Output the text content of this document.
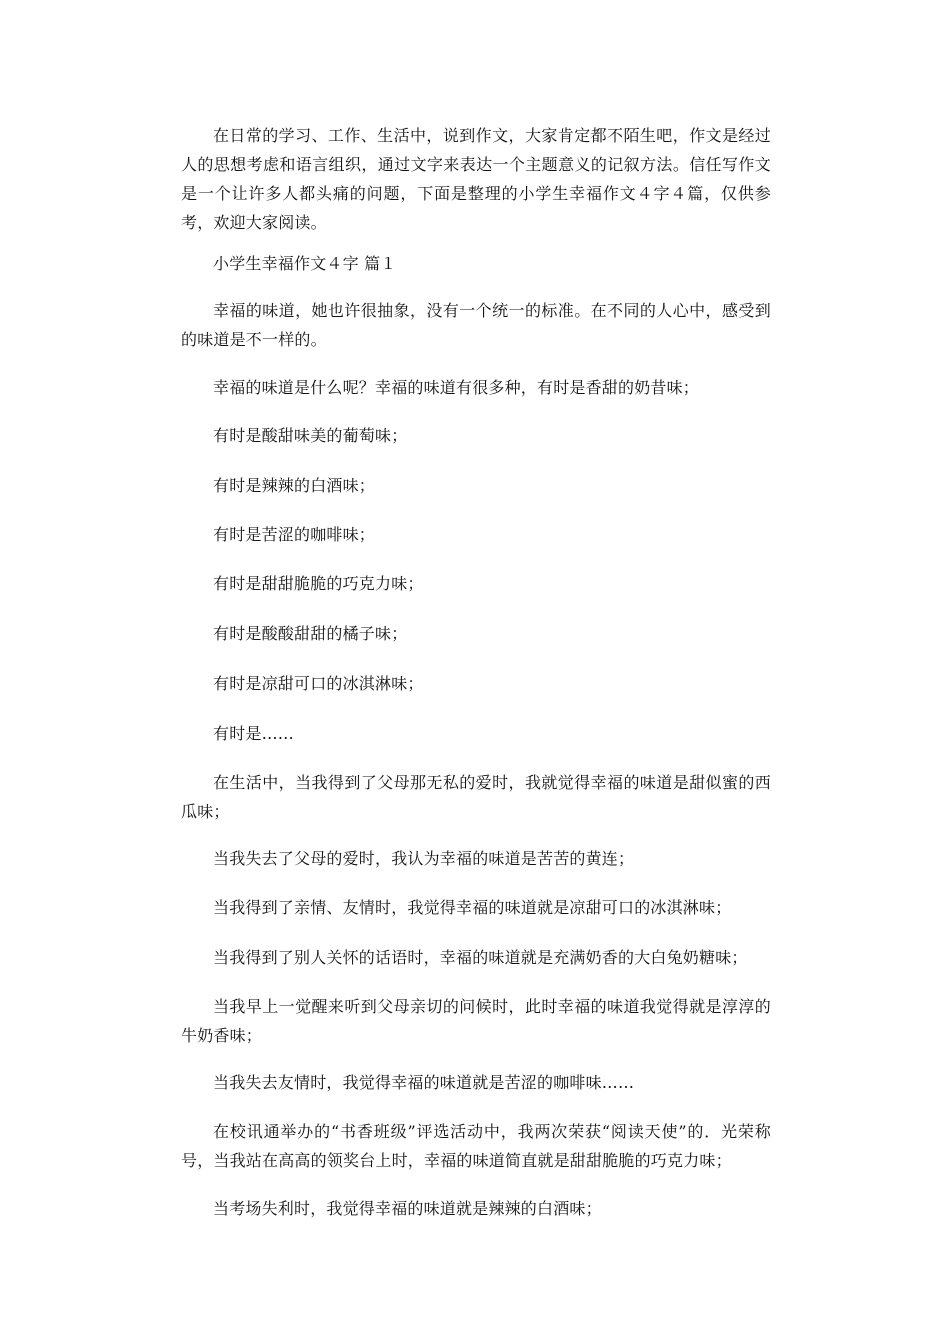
在日常的学习、工作、生活中，说到作文，大家肯定都不陌生吧，作文是经过人的思想考虑和语言组织，通过文字来表达一个主题意义的记叙方法。信任写作文是一个让许多人都头痛的问题，下面是整理的小学生幸福作文４字４篇，仅供参考，欢迎大家阅读。

小学生幸福作文４字 篇１

幸福的味道，她也许很抽象，没有一个统一的标准。在不同的人心中，感受到的味道是不一样的。

幸福的味道是什么呢？幸福的味道有很多种，有时是香甜的奶昔味；

有时是酸甜味美的葡萄味；

有时是辣辣的白酒味；

有时是苦涩的咖啡味；

有时是甜甜脆脆的巧克力味；

有时是酸酸甜甜的橘子味；

有时是凉甜可口的冰淇淋味；

有时是……

在生活中，当我得到了父母那无私的爱时，我就觉得幸福的味道是甜似蜜的西瓜味；

当我失去了父母的爱时，我认为幸福的味道是苦苦的黄连；

当我得到了亲情、友情时，我觉得幸福的味道就是凉甜可口的冰淇淋味；

当我得到了别人关怀的话语时，幸福的味道就是充满奶香的大白兔奶糖味；

当我早上一觉醒来听到父母亲切的问候时，此时幸福的味道我觉得就是淳淳的牛奶香味；

当我失去友情时，我觉得幸福的味道就是苦涩的咖啡味……

在校讯通举办的“书香班级”评选活动中，我两次荣获“阅读天使”的．光荣称号，当我站在高高的领奖台上时，幸福的味道简直就是甜甜脆脆的巧克力味；

当考场失利时，我觉得幸福的味道就是辣辣的白酒味；
